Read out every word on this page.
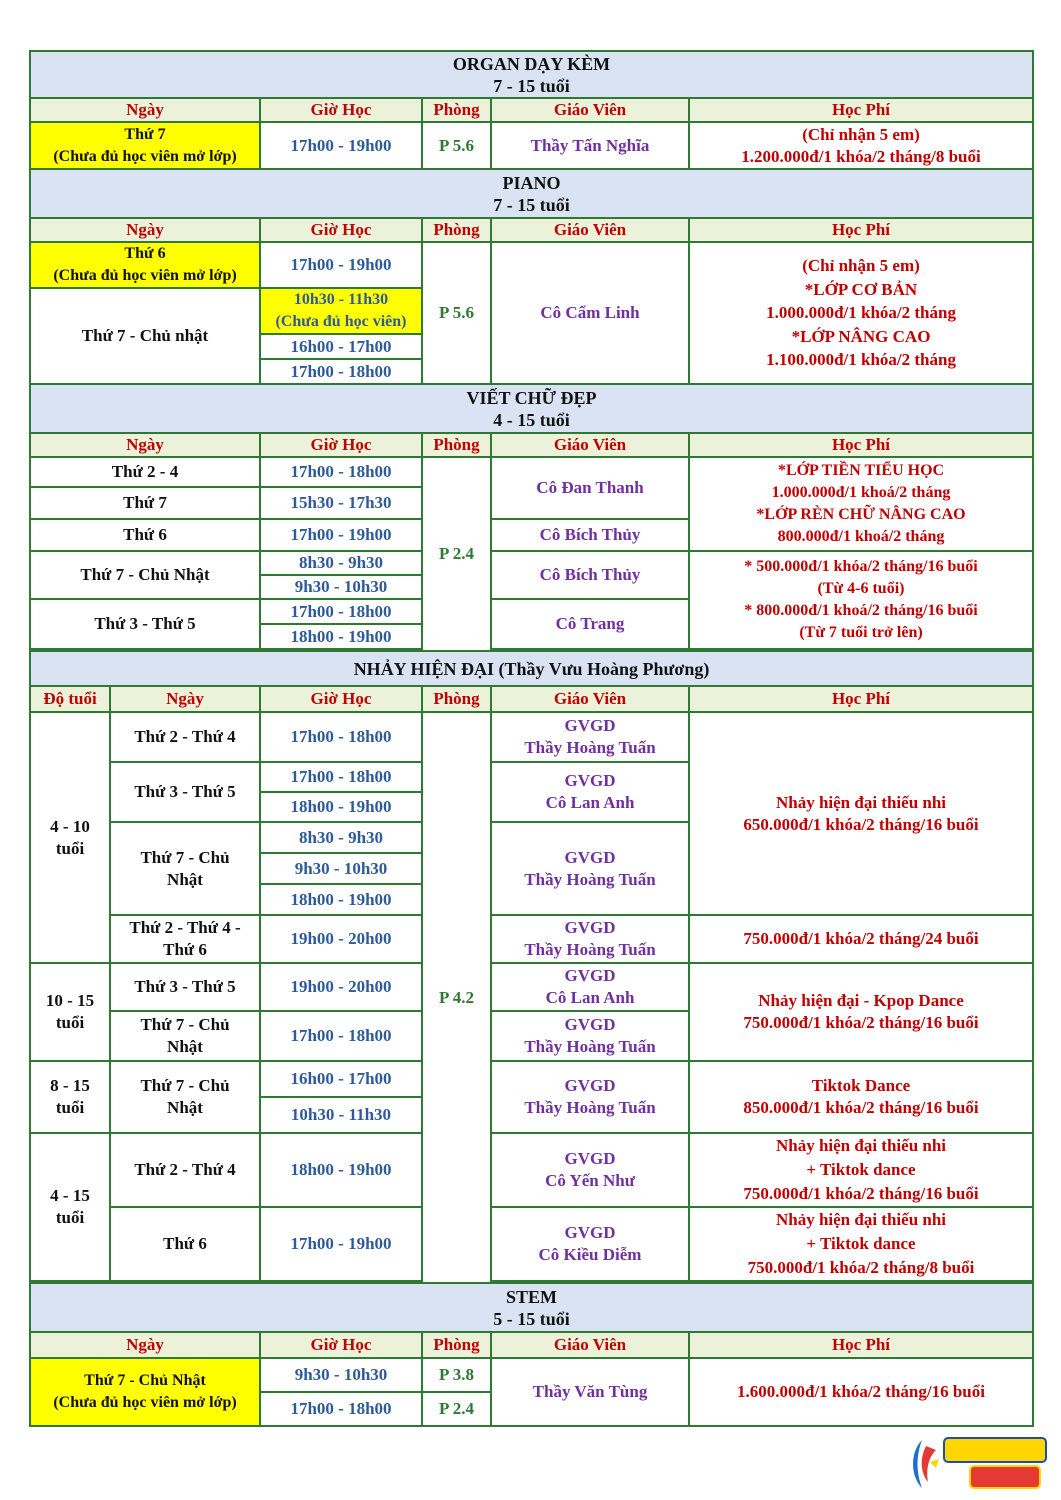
ORGAN DẠY KÈM
7 - 15 tuổi					

Ngày		Giờ Học	Phòng	Giáo Viên	Học Phí

Thứ 7
(Chưa đủ học viên mở lớp)		17h00 - 19h00	P 5.6	Thầy Tấn Nghĩa	(Chỉ nhận 5 em)
1.200.000đ/1 khóa/2 tháng/8 buổi

PIANO
7 - 15 tuổi					

Ngày		Giờ Học	Phòng	Giáo Viên	Học Phí

Thứ 6
(Chưa đủ học viên mở lớp)		17h00 - 19h00	P 5.6	Cô Cẩm Linh	(Chỉ nhận 5 em)
*LỚP CƠ BẢN
1.000.000đ/1 khóa/2 tháng
*LỚP NÂNG CAO
1.100.000đ/1 khóa/2 tháng

Thứ 7 - Chủ nhật		10h30 - 11h30
(Chưa đủ học viên)			

		16h00 - 17h00			
		17h00 - 18h00			

VIẾT CHỮ ĐẸP
4 - 15 tuổi					

Ngày		Giờ Học	Phòng	Giáo Viên	Học Phí
Thứ 2 - 4		17h00 - 18h00	P 2.4	Cô Đan Thanh	*LỚP TIỀN TIỂU HỌC
1.000.000đ/1 khoá/2 tháng
*LỚP RÈN CHỮ NÂNG CAO
800.000đ/1 khoá/2 tháng

Thứ 7		15h30 - 17h30			
Thứ 6		17h00 - 19h00		Cô Bích Thủy	
Thứ 7 - Chủ Nhật		8h30 - 9h30		Cô Bích Thủy	* 500.000đ/1 khóa/2 tháng/16 buổi
(Từ 4-6 tuổi)
* 800.000đ/1 khoá/2 tháng/16 buổi
(Từ 7 tuổi trở lên)

		9h30 - 10h30			
Thứ 3 - Thứ 5		17h00 - 18h00		Cô Trang	
		18h00 - 19h00			

NHẢY HIỆN ĐẠI (Thầy Vưu Hoàng Phương)					
Độ tuổi	Ngày	Giờ Học	Phòng	Giáo Viên	Học Phí

4 - 10
tuổi	Thứ 2 - Thứ 4	17h00 - 18h00	P 4.2	GVGD
Thầy Hoàng Tuấn	Nhảy hiện đại thiếu nhi
650.000đ/1 khóa/2 tháng/16 buổi

	Thứ 3 - Thứ 5	17h00 - 18h00		GVGD
Cô Lan Anh	

		18h00 - 19h00			

	Thứ 7 - Chủ
Nhật	8h30 - 9h30		GVGD
Thầy Hoàng Tuấn	

		9h30 - 10h30			
		18h00 - 19h00			

	Thứ 2 - Thứ 4 -
Thứ 6	19h00 - 20h00		GVGD
Thầy Hoàng Tuấn	750.000đ/1 khóa/2 tháng/24 buổi

10 - 15
tuổi	Thứ 3 - Thứ 5	19h00 - 20h00		GVGD
Cô Lan Anh	Nhảy hiện đại - Kpop Dance
750.000đ/1 khóa/2 tháng/16 buổi

	Thứ 7 - Chủ
Nhật	17h00 - 18h00		GVGD
Thầy Hoàng Tuấn	

8 - 15
tuổi	Thứ 7 - Chủ
Nhật	16h00 - 17h00		GVGD
Thầy Hoàng Tuấn	Tiktok Dance
850.000đ/1 khóa/2 tháng/16 buổi

		10h30 - 11h30			

4 - 15
tuổi	Thứ 2 - Thứ 4	18h00 - 19h00		GVGD
Cô Yến Như	Nhảy hiện đại thiếu nhi
+ Tiktok dance
750.000đ/1 khóa/2 tháng/16 buổi

	Thứ 6	17h00 - 19h00		GVGD
Cô Kiều Diễm	Nhảy hiện đại thiếu nhi
+ Tiktok dance
750.000đ/1 khóa/2 tháng/8 buổi

STEM
5 - 15 tuổi					

Ngày		Giờ Học	Phòng	Giáo Viên	Học Phí

Thứ 7 - Chủ Nhật
(Chưa đủ học viên mở lớp)		9h30 - 10h30	P 3.8	Thầy Văn Tùng	1.600.000đ/1 khóa/2 tháng/16 buổi
		17h00 - 18h00	P 2.4		
